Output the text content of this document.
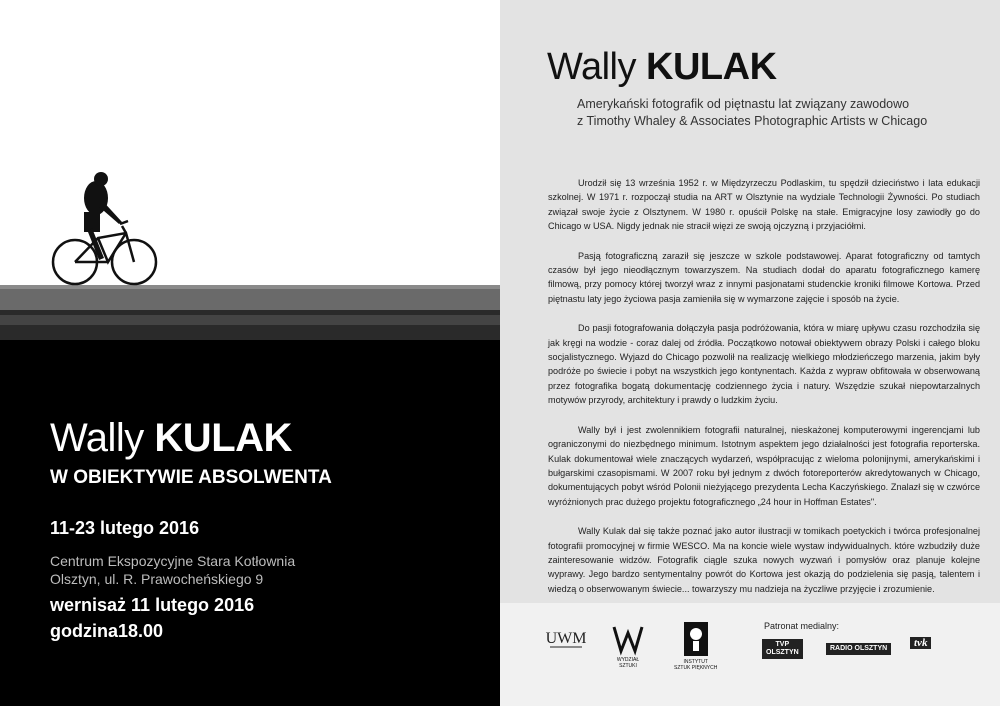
Wally KULAK
W OBIEKTYWIE ABSOLWENTA
11-23 lutego 2016
Centrum Ekspozycyjne Stara Kotłownia
Olsztyn, ul. R. Prawocheńskiego 9
wernisaż 11 lutego 2016
godzina18.00
Wally KULAK
Amerykański fotografik od piętnastu lat związany zawodowo
z Timothy Whaley & Associates Photographic Artists w Chicago

Urodził się 13 września 1952 r. w Międzyrzeczu Podlaskim, tu spędził dzieciństwo i lata edukacji szkolnej. W 1971 r. rozpoczął studia na ART w Olsztynie na wydziale Technologii Żywności. Po studiach związał swoje życie z Olsztynem. W 1980 r. opuścił Polskę na stałe. Emigracyjne losy zawiodły go do Chicago w USA. Nigdy jednak nie stracił więzi ze swoją ojczyzną i przyjaciółmi.

Pasją fotograficzną zaraził się jeszcze w szkole podstawowej. Aparat fotograficzny od tamtych czasów był jego nieodłącznym towarzyszem. Na studiach dodał do aparatu fotograficznego kamerę filmową, przy pomocy której tworzył wraz z innymi pasjonatami studenckie kroniki filmowe Kortowa. Przed piętnastu laty jego życiowa pasja zamieniła się w wymarzone zajęcie i sposób na życie.

Do pasji fotografowania dołączyła pasja podróżowania, która w miarę upływu czasu rozchodziła się jak kręgi na wodzie - coraz dalej od źródła. Początkowo notował obiektywem obrazy Polski i całego bloku socjalistycznego. Wyjazd do Chicago pozwolił na realizację wielkiego młodzieńczego marzenia, jakim były podróże po świecie i pobyt na wszystkich jego kontynentach. Każda z wypraw obfitowała w obserwowaną przez fotografika bogatą dokumentację codziennego życia i natury. Wszędzie szukał niepowtarzalnych motywów przyrody, architektury i prawdy o ludzkim życiu.

Wally był i jest zwolennikiem fotografii naturalnej, nieskażonej komputerowymi ingerencjami lub ograniczonymi do niezbędnego minimum. Istotnym aspektem jego działalności jest fotografia reporterska. Kulak dokumentował wiele znaczących wydarzeń, współpracując z wieloma polonijnymi, amerykańskimi i bułgarskimi czasopismami. W 2007 roku był jednym z dwóch fotoreporterów akredytowanych w Chicago, dokumentujących pobyt wśród Polonii nieżyjącego prezydenta Lecha Kaczyńskiego. Znalazł się w czwórce wyróżnionych prac dużego projektu fotograficznego „24 hour in Hoffman Estates".

Wally Kulak dał się także poznać jako autor ilustracji w tomikach poetyckich i twórca profesjonalnej fotografii promocyjnej w firmie WESCO. Ma na koncie wiele wystaw indywidualnych. które wzbudziły duże zainteresowanie widzów. Fotografik ciągle szuka nowych wyzwań i pomysłów oraz planuje kolejne wyprawy. Jego bardzo sentymentalny powrót do Kortowa jest okazją do podzielenia się pasją, talentem i wiedzą o obserwowanym świecie... towarzyszy mu nadzieja na życzliwe przyjęcie i zrozumienie.

UWM
WYDZIAŁ
SZTUKI
INSTYTUT
SZTUK PIĘKNYCH
Patronat medialny:
TVP
OLSZTYN
RADIO OLSZTYN	tvk
